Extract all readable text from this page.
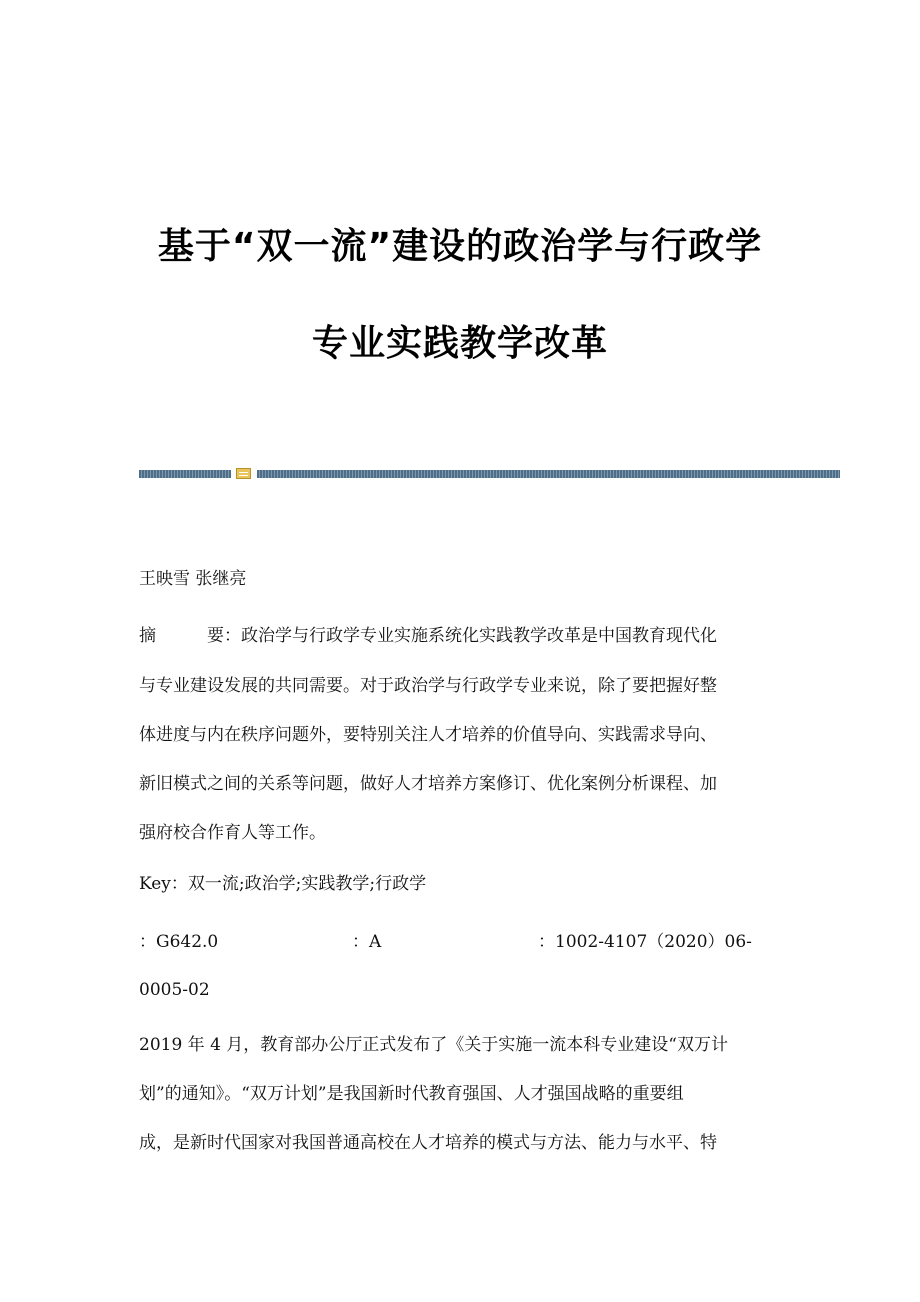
基于“双一流”建设的政治学与行政学
专业实践教学改革
王映雪 张继亮
摘　　　要：政治学与行政学专业实施系统化实践教学改革是中国教育现代化
与专业建设发展的共同需要。对于政治学与行政学专业来说，除了要把握好整
体进度与内在秩序问题外，要特别关注人才培养的价值导向、实践需求导向、
新旧模式之间的关系等问题，做好人才培养方案修订、优化案例分析课程、加
强府校合作育人等工作。
Key：双一流;政治学;实践教学;行政学
：G642.0	：A	：1002-4107（2020）06-
0005-02
2019 年 4 月，教育部办公厅正式发布了《关于实施一流本科专业建设“双万计
划”的通知》。“双万计划”是我国新时代教育强国、人才强国战略的重要组
成，是新时代国家对我国普通高校在人才培养的模式与方法、能力与水平、特
